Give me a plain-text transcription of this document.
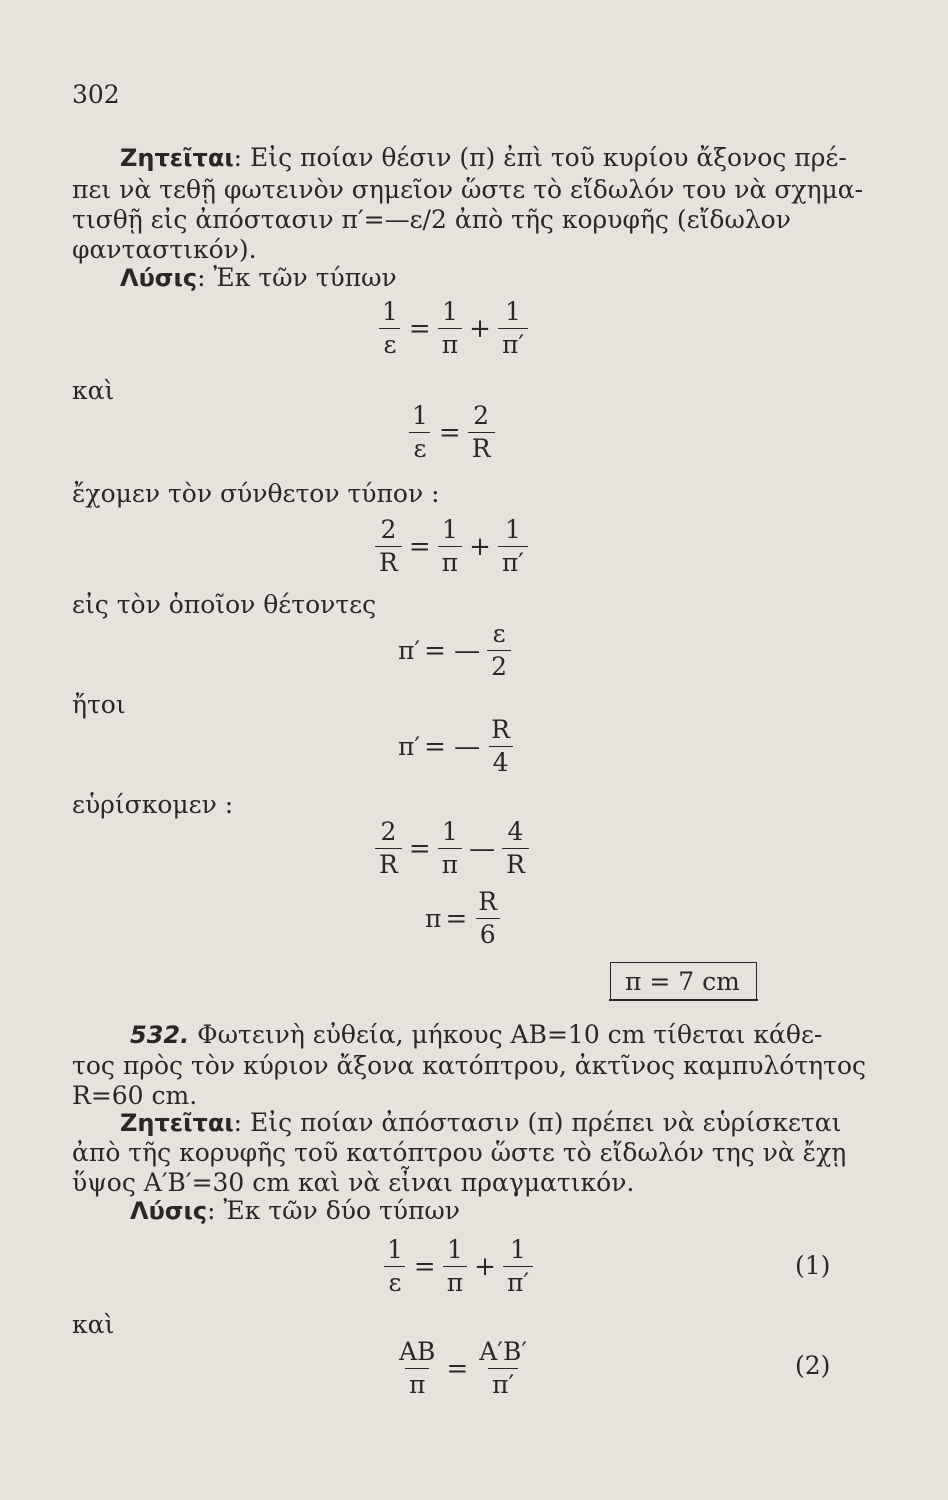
302
Ζητεῖται: Εἰς ποίαν θέσιν (π) ἐπὶ τοῦ κυρίου ἄξονος πρέ-
πει νὰ τεθῇ φωτεινὸν σημεῖον ὥστε τὸ εἴδωλόν του νὰ σχημα-
τισθῇ εἰς ἀπόστασιν π′=—ε/2 ἀπὸ τῆς κορυφῆς (εἴδωλον
φανταστικόν).
Λύσις: Ἐκ τῶν τύπων
$\frac{1}{\varepsilon} = \frac{1}{\pi} + \frac{1}{\pi'}$
καὶ
$\frac{1}{\varepsilon} = \frac{2}{R}$
ἔχομεν τὸν σύνθετον τύπον :
$\frac{2}{R} = \frac{1}{\pi} + \frac{1}{\pi'}$
εἰς τὸν ὁποῖον θέτοντες
π′ = — $\frac{\varepsilon}{2}$
ἤτοι
π′ = — $\frac{R}{4}$
εὑρίσκομεν :
$\frac{2}{R} = \frac{1}{\pi}$ — $\frac{4}{R}$
$\pi = \frac{R}{6}$
π = 7 cm
532. Φωτεινὴ εὐθεία, μήκους ΑΒ=10 cm τίθεται κάθε-
τος πρὸς τὸν κύριον ἄξονα κατόπτρου, ἀκτῖνος καμπυλότητος
R=60 cm.
Ζητεῖται: Εἰς ποίαν ἀπόστασιν (π) πρέπει νὰ εὑρίσκεται
ἀπὸ τῆς κορυφῆς τοῦ κατόπτρου ὥστε τὸ εἴδωλόν της νὰ ἔχῃ
ὕψος Α′Β′=30 cm καὶ νὰ εἶναι πραγματικόν.
Λύσις: Ἐκ τῶν δύο τύπων
$\frac{1}{\varepsilon} = \frac{1}{\pi} + \frac{1}{\pi'}$	(1)
καὶ
$\frac{AB}{\pi} = \frac{A'B'}{\pi'}$	(2)
